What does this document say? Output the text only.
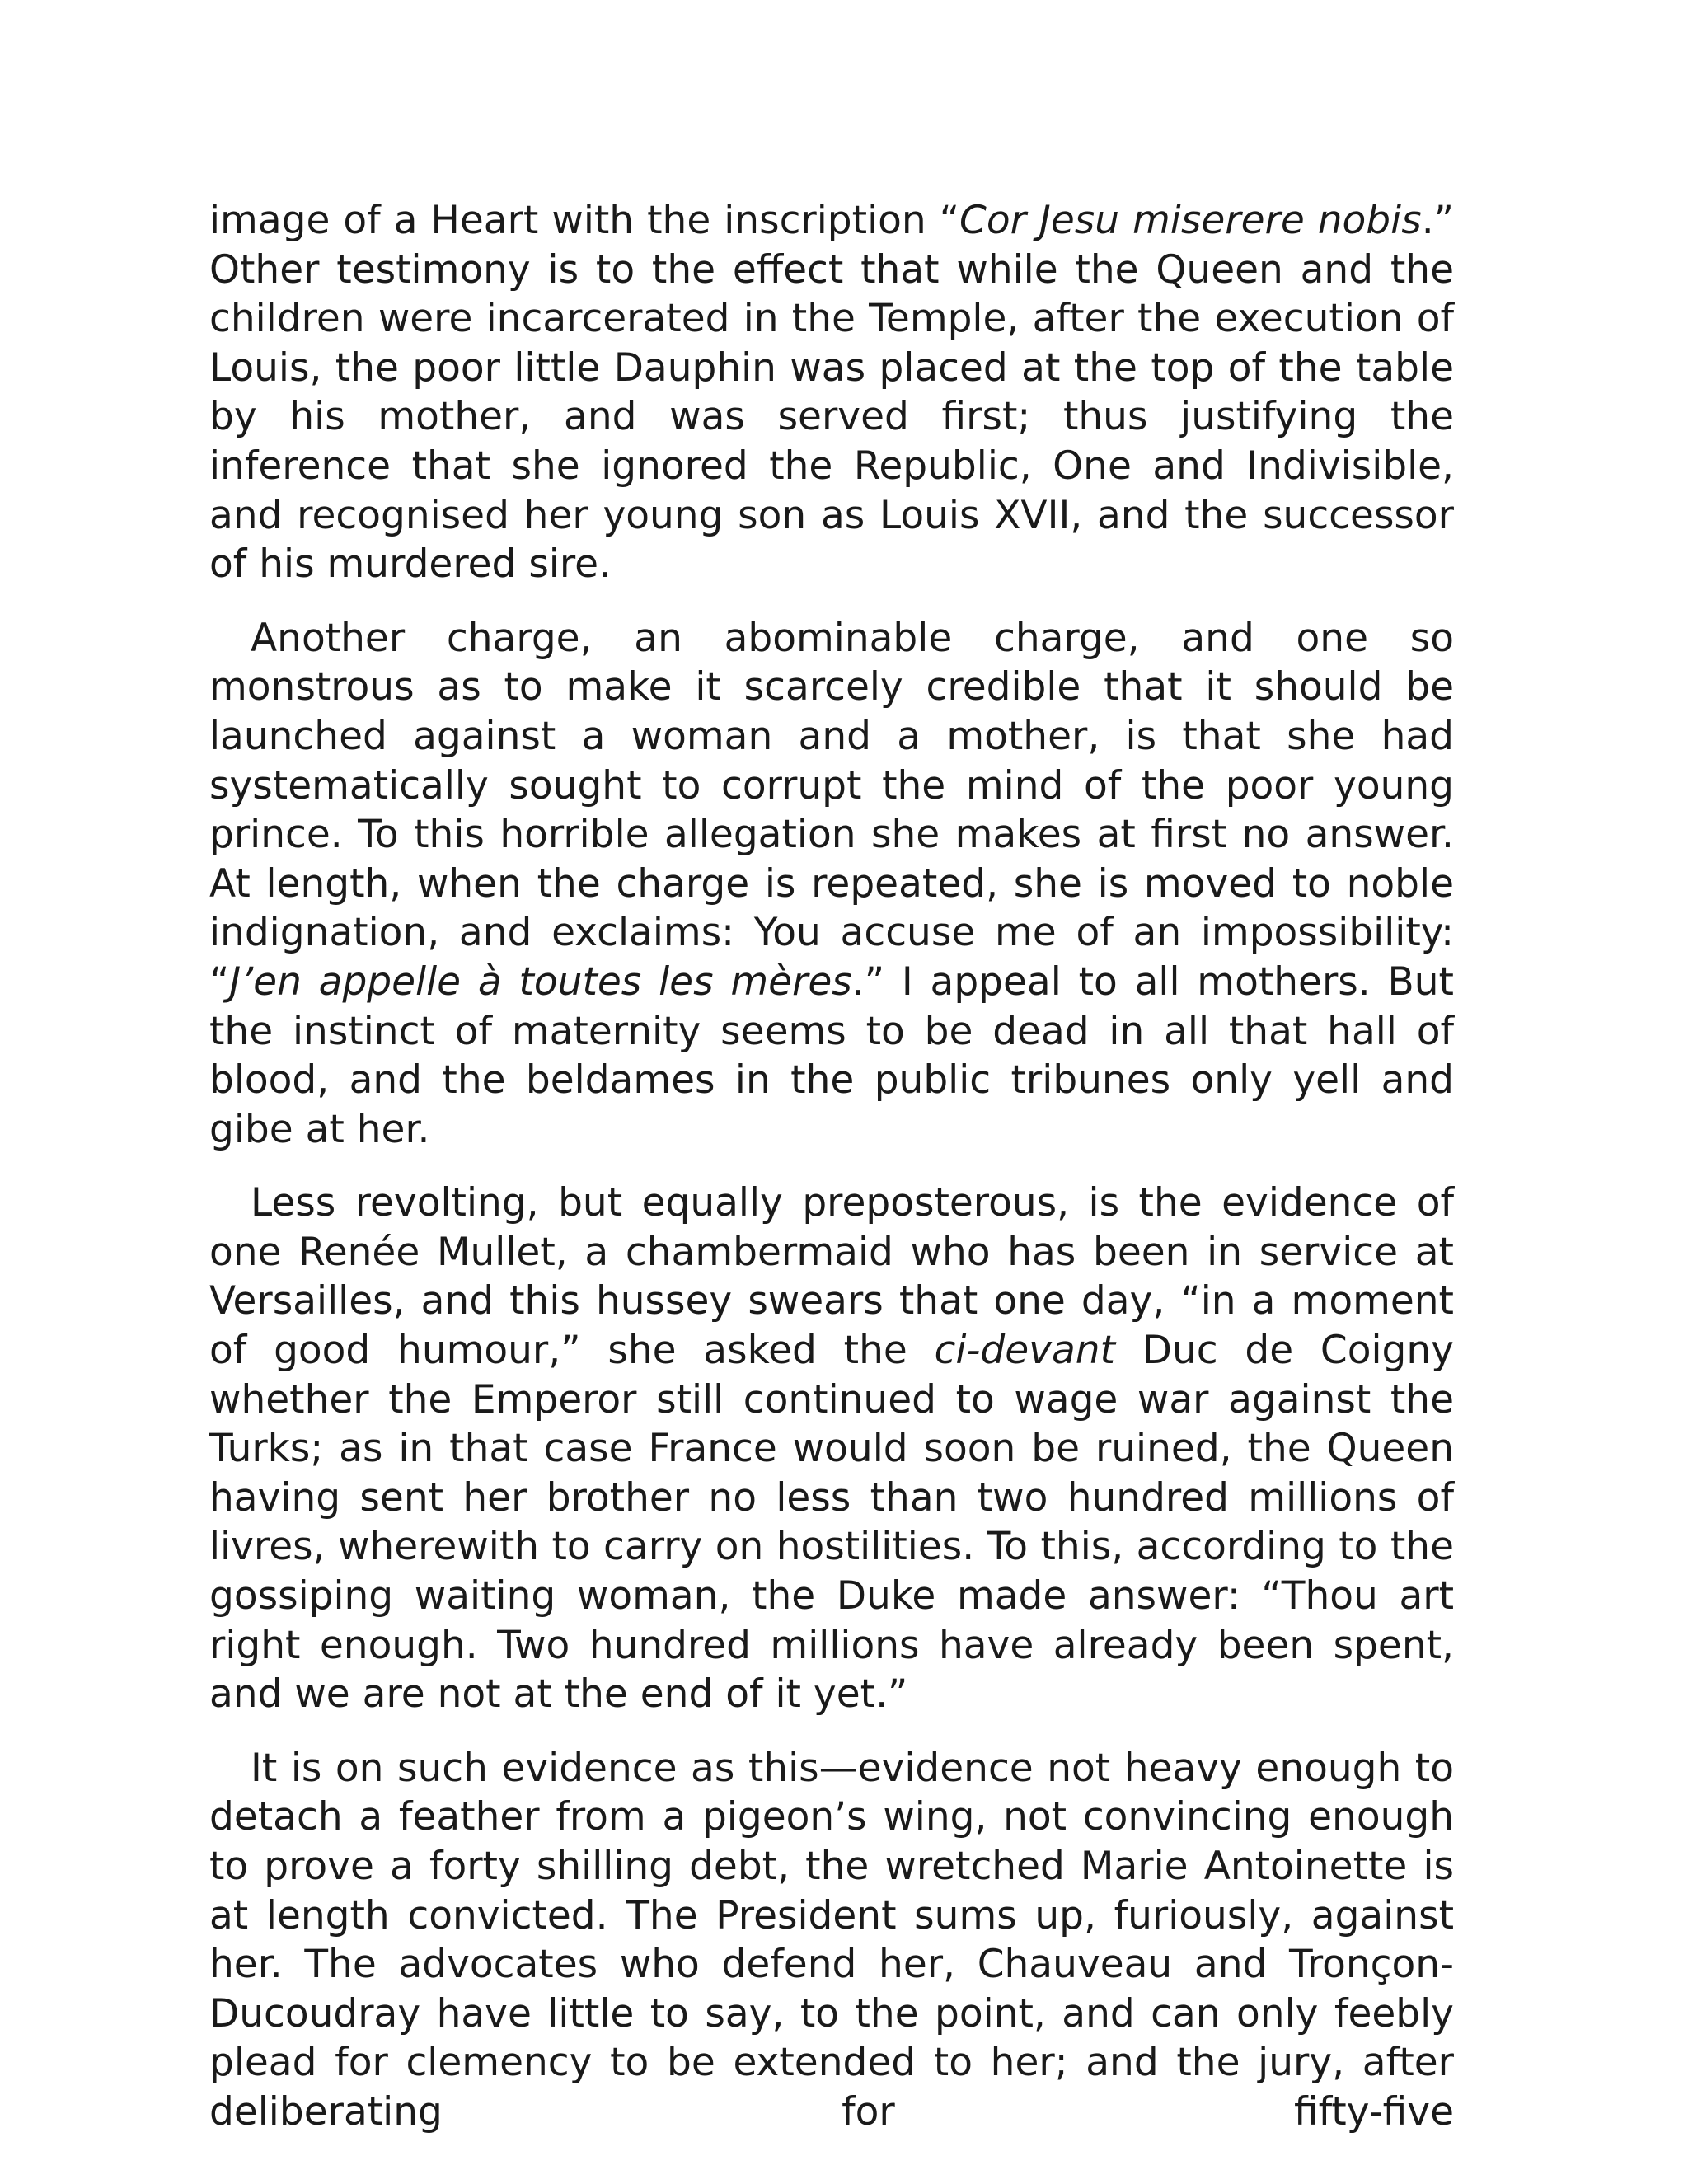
image of a Heart with the inscription “Cor Jesu miserere nobis.” Other testimony is to the effect that while the Queen and the children were incarcerated in the Temple, after the execution of Louis, the poor little Dauphin was placed at the top of the table by his mother, and was served first; thus justifying the inference that she ignored the Republic, One and Indivisible, and recognised her young son as Louis XVII, and the successor of his murdered sire.

Another charge, an abominable charge, and one so monstrous as to make it scarcely credible that it should be launched against a woman and a mother, is that she had systematically sought to corrupt the mind of the poor young prince. To this horrible allegation she makes at first no answer. At length, when the charge is repeated, she is moved to noble indignation, and exclaims: You accuse me of an impossibility: “J’en appelle à toutes les mères.” I appeal to all mothers. But the instinct of maternity seems to be dead in all that hall of blood, and the beldames in the public tribunes only yell and gibe at her.

Less revolting, but equally preposterous, is the evidence of one Renée Mullet, a chambermaid who has been in service at Versailles, and this hussey swears that one day, “in a moment of good humour,” she asked the ci-devant Duc de Coigny whether the Emperor still continued to wage war against the Turks; as in that case France would soon be ruined, the Queen having sent her brother no less than two hundred millions of livres, wherewith to carry on hostilities. To this, according to the gossiping waiting woman, the Duke made answer: “Thou art right enough. Two hundred millions have already been spent, and we are not at the end of it yet.”

It is on such evidence as this—evidence not heavy enough to detach a feather from a pigeon’s wing, not convincing enough to prove a forty shilling debt, the wretched Marie Antoinette is at length convicted. The President sums up, furiously, against her. The advocates who defend her, Chauveau and Tronçon-Ducoudray have little to say, to the point, and can only feebly plead for clemency to be extended to her; and the jury, after deliberating for fifty-five
